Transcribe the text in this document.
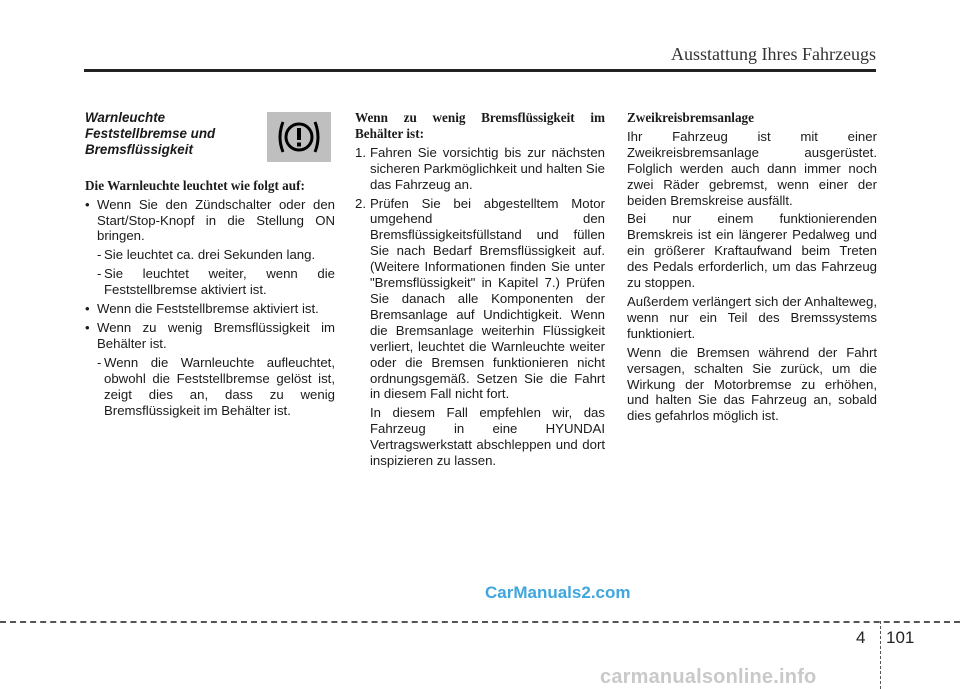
Ausstattung Ihres Fahrzeugs
Warnleuchte
Feststellbremse und
Bremsflüssigkeit

Die Warnleuchte leuchtet wie folgt auf:

• Wenn Sie den Zündschalter oder den Start/Stop-Knopf in die Stellung ON bringen.

- Sie leuchtet ca. drei Sekunden lang.

- Sie leuchtet weiter, wenn die Feststellbremse aktiviert ist.

• Wenn die Feststellbremse aktiviert ist.

• Wenn zu wenig Bremsflüssigkeit im Behälter ist.

- Wenn die Warnleuchte aufleuchtet, obwohl die Feststellbremse gelöst ist, zeigt dies an, dass zu wenig Bremsflüssigkeit im Behälter ist.

Wenn zu wenig Bremsflüssigkeit im Behälter ist:

1. Fahren Sie vorsichtig bis zur nächsten sicheren Parkmöglichkeit und halten Sie das Fahrzeug an.

2. Prüfen Sie bei abgestelltem Motor umgehend den Bremsflüssigkeitsfüllstand und füllen Sie nach Bedarf Bremsflüssigkeit auf. (Weitere Informationen finden Sie unter "Bremsflüssigkeit" in Kapitel 7.) Prüfen Sie danach alle Komponenten der Bremsanlage auf Undichtigkeit. Wenn die Bremsanlage weiterhin Flüssigkeit verliert, leuchtet die Warnleuchte weiter oder die Bremsen funktionieren nicht ordnungsgemäß. Setzen Sie die Fahrt in diesem Fall nicht fort.

In diesem Fall empfehlen wir, das Fahrzeug in eine HYUNDAI Vertragswerkstatt abschleppen und dort inspizieren zu lassen.

Zweikreisbremsanlage

Ihr Fahrzeug ist mit einer Zweikreisbremsanlage ausgerüstet. Folglich werden auch dann immer noch zwei Räder gebremst, wenn einer der beiden Bremskreise ausfällt.

Bei nur einem funktionierenden Bremskreis ist ein längerer Pedalweg und ein größerer Kraftaufwand beim Treten des Pedals erforderlich, um das Fahrzeug zu stoppen.

Außerdem verlängert sich der Anhalteweg, wenn nur ein Teil des Bremssystems funktioniert.

Wenn die Bremsen während der Fahrt versagen, schalten Sie zurück, um die Wirkung der Motorbremse zu erhöhen, und halten Sie das Fahrzeug an, sobald dies gefahrlos möglich ist.

CarManuals2.com
4 101
carmanualsonline.info
